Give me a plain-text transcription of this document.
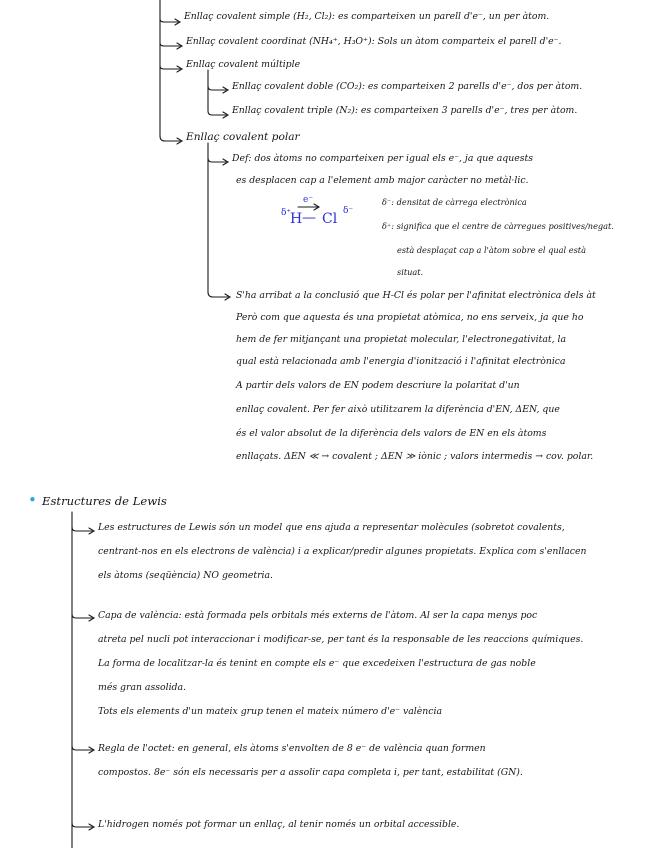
Enllaç covalent simple (H₂, Cl₂): es comparteixen un parell d'e⁻, un per àtom.
Enllaç covalent coordinat (NH₄⁺, H₃O⁺): Sols un àtom comparteix el parell d'e⁻.
Enllaç covalent múltiple
Enllaç covalent doble (CO₂): es comparteixen 2 parells d'e⁻, dos per àtom.
Enllaç covalent triple (N₂): es comparteixen 3 parells d'e⁻, tres per àtom.
Enllaç covalent polar
Def: dos àtoms no comparteixen per igual els e⁻, ja que aquests
es desplacen cap a l'element amb major caràcter no metàl·lic.
e⁻
δ⁺
H — Cl δ⁻
δ⁻: densitat de càrrega electrònica
δ⁺: significa que el centre de càrregues positives/negat.
està desplaçat cap a l'àtom sobre el qual està
situat.
S'ha arribat a la conclusió que H-Cl és polar per l'afinitat electrònica dels àt
Però com que aquesta és una propietat atòmica, no ens serveix, ja que ho
hem de fer mitjançant una propietat molecular, l'electronegativitat, la
qual està relacionada amb l'energia d'ionització i l'afinitat electrònica
A partir dels valors de EN podem descriure la polaritat d'un
enllaç covalent. Per fer això utilitzarem la diferència d'EN, ΔEN, que
és el valor absolut de la diferència dels valors de EN en els àtoms
enllaçats. ΔEN ≪ → covalent ; ΔEN ≫ iònic ; valors intermedis → cov. polar.
• Estructures de Lewis
Les estructures de Lewis són un model que ens ajuda a representar molècules (sobretot covalents,
centrant-nos en els electrons de valència) i a explicar/predir algunes propietats. Explica com s'enllacen
els àtoms (seqüència) NO geometria.
Capa de valència: està formada pels orbitals més externs de l'àtom. Al ser la capa menys poc
atreta pel nucli pot interaccionar i modificar-se, per tant és la responsable de les reaccions químiques.
La forma de localitzar-la és tenint en compte els e⁻ que excedeixen l'estructura de gas noble
més gran assolida.
Tots els elements d'un mateix grup tenen el mateix número d'e⁻ valència
Regla de l'octet: en general, els àtoms s'envolten de 8 e⁻ de valència quan formen
compostos. 8e⁻ són els necessaris per a assolir capa completa i, per tant, estabilitat (GN).
L'hidrogen només pot formar un enllaç, al tenir només un orbital accessible.
